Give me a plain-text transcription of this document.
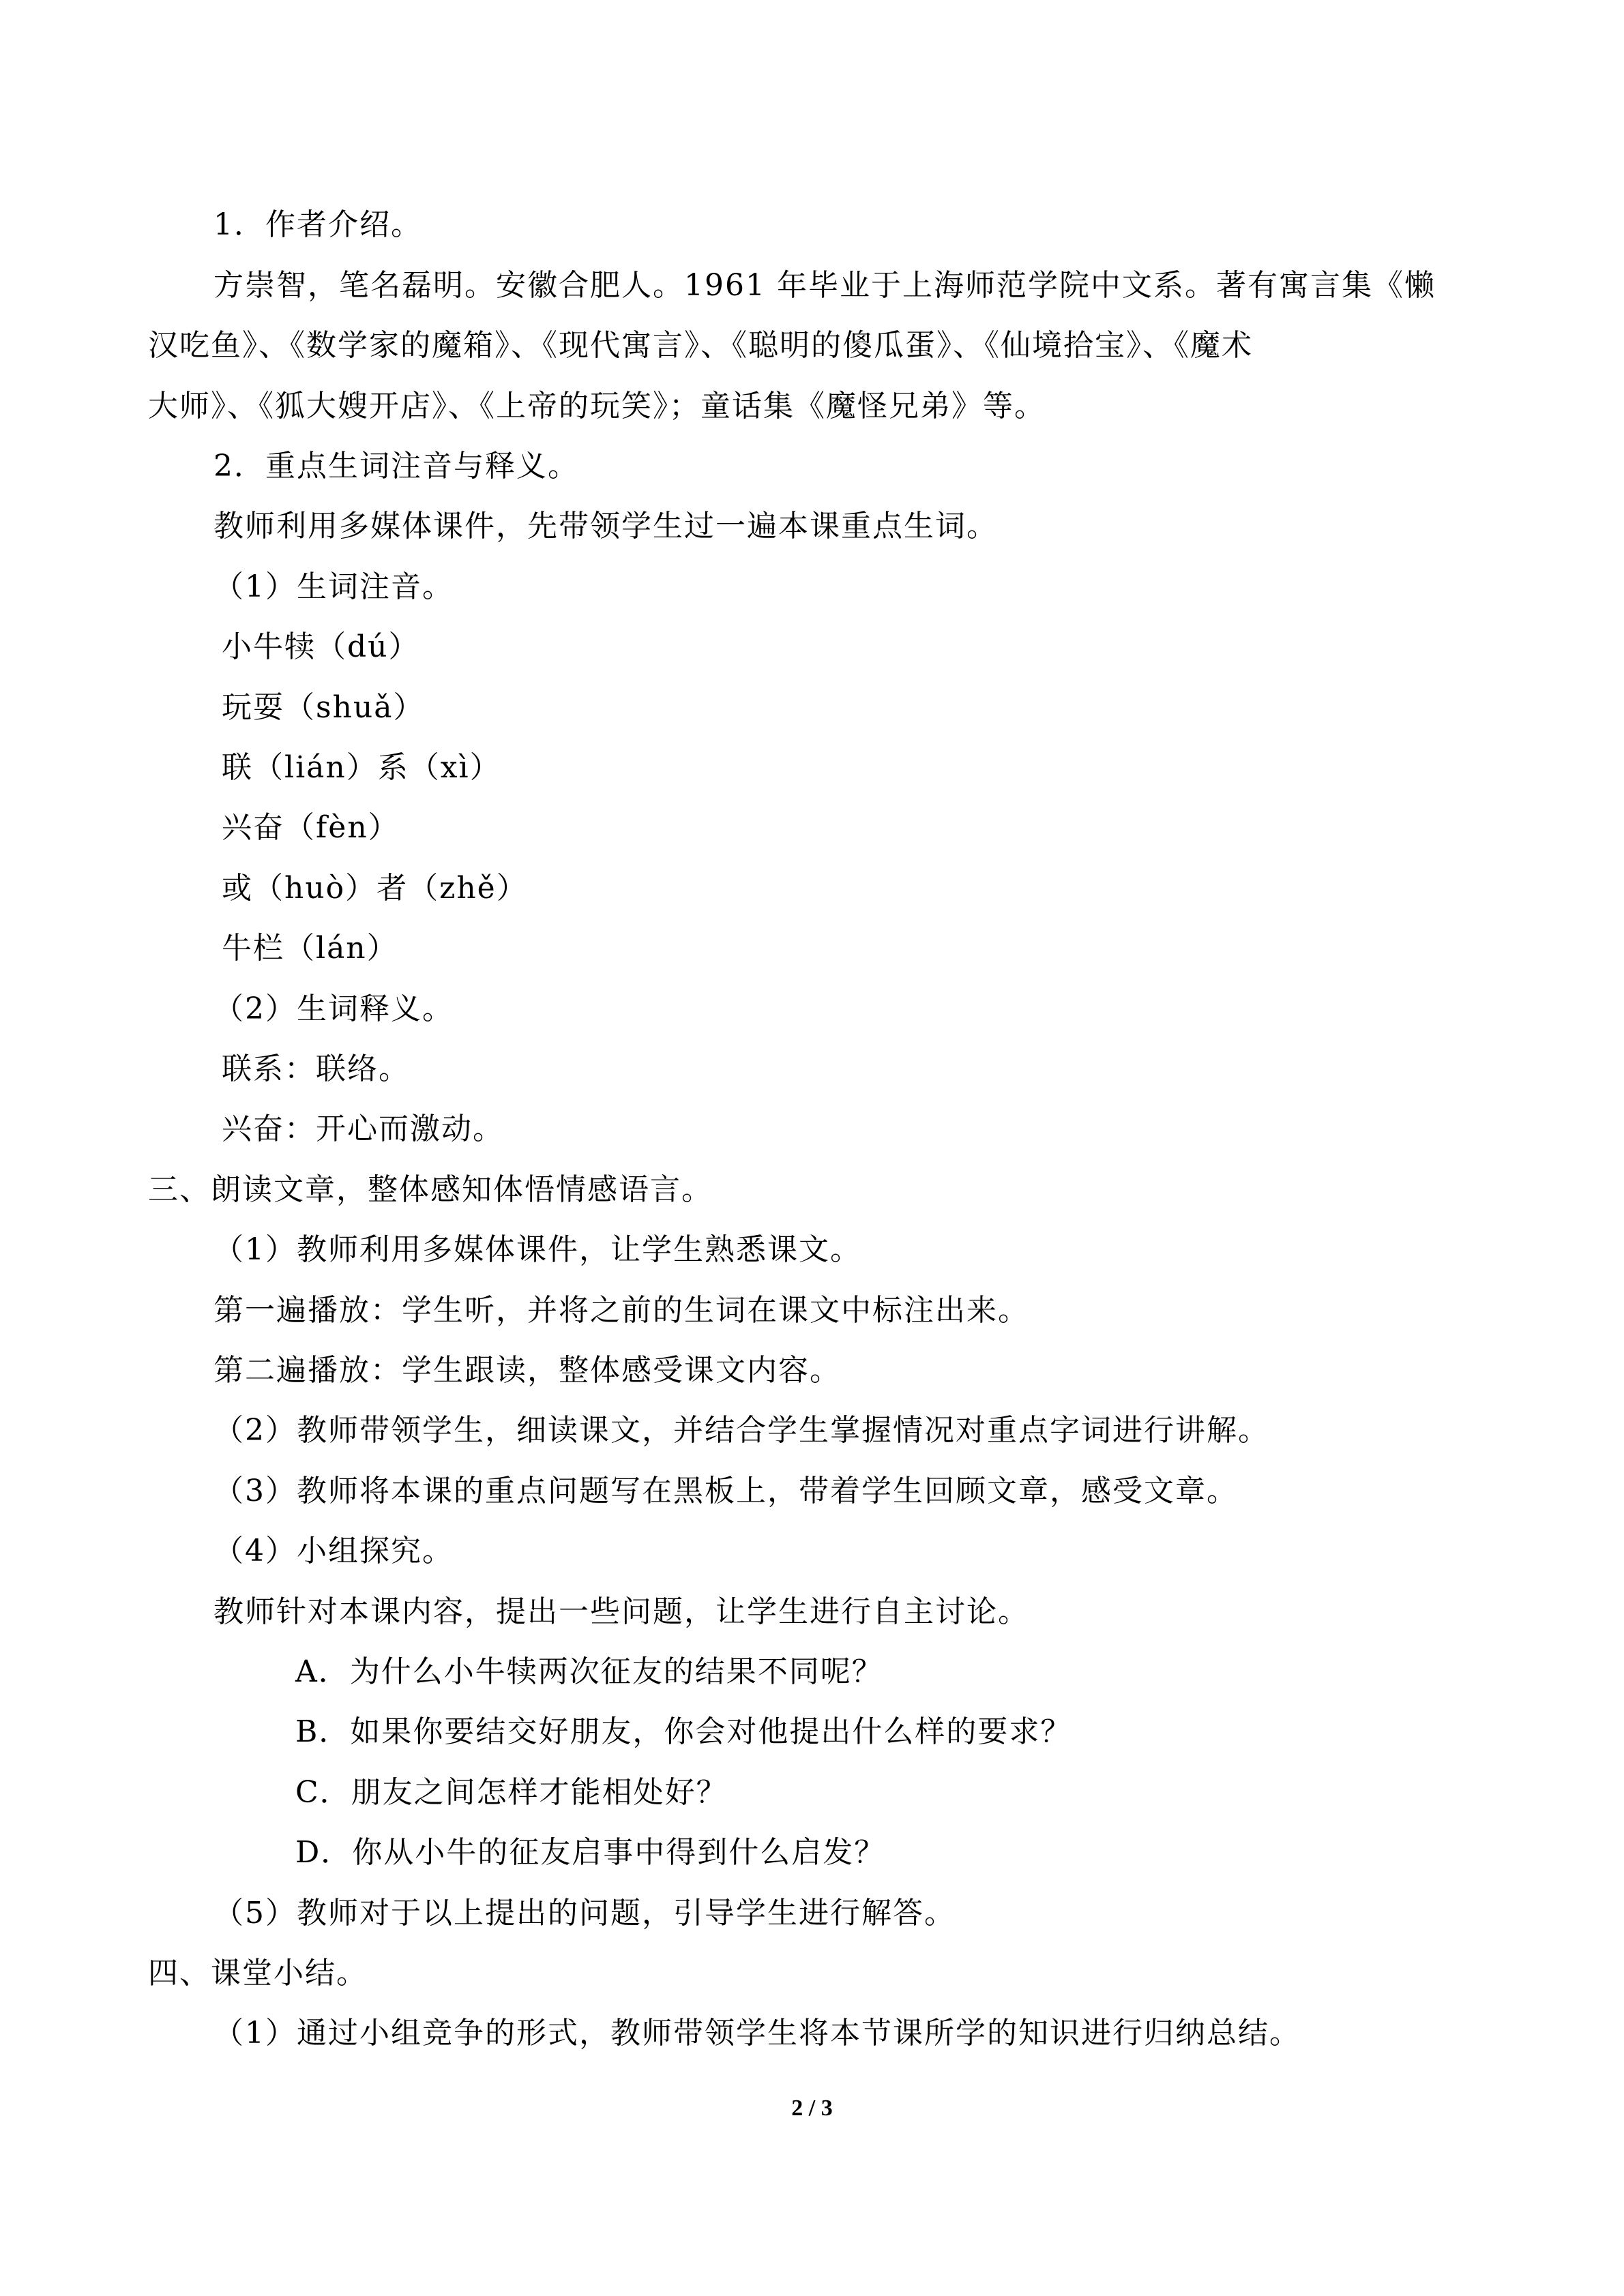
1．作者介绍。
方崇智，笔名磊明。安徽合肥人。1961 年毕业于上海师范学院中文系。著有寓言集《懒
汉吃鱼》、《数学家的魔箱》、《现代寓言》、《聪明的傻瓜蛋》、《仙境拾宝》、《魔术
大师》、《狐大嫂开店》、《上帝的玩笑》；童话集《魔怪兄弟》等。
2．重点生词注音与释义。
教师利用多媒体课件，先带领学生过一遍本课重点生词。
（1）生词注音。
小牛犊（dú）
玩耍（shuǎ）
联（lián）系（xì）
兴奋（fèn）
或（huò）者（zhě）
牛栏（lán）
（2）生词释义。
联系：联络。
兴奋：开心而激动。
三、朗读文章，整体感知体悟情感语言。
（1）教师利用多媒体课件，让学生熟悉课文。
第一遍播放：学生听，并将之前的生词在课文中标注出来。
第二遍播放：学生跟读，整体感受课文内容。
（2）教师带领学生，细读课文，并结合学生掌握情况对重点字词进行讲解。
（3）教师将本课的重点问题写在黑板上，带着学生回顾文章，感受文章。
（4）小组探究。
教师针对本课内容，提出一些问题，让学生进行自主讨论。
A．为什么小牛犊两次征友的结果不同呢？
B．如果你要结交好朋友，你会对他提出什么样的要求？
C．朋友之间怎样才能相处好？
D．你从小牛的征友启事中得到什么启发？
（5）教师对于以上提出的问题，引导学生进行解答。
四、课堂小结。
（1）通过小组竞争的形式，教师带领学生将本节课所学的知识进行归纳总结。
2 / 3
